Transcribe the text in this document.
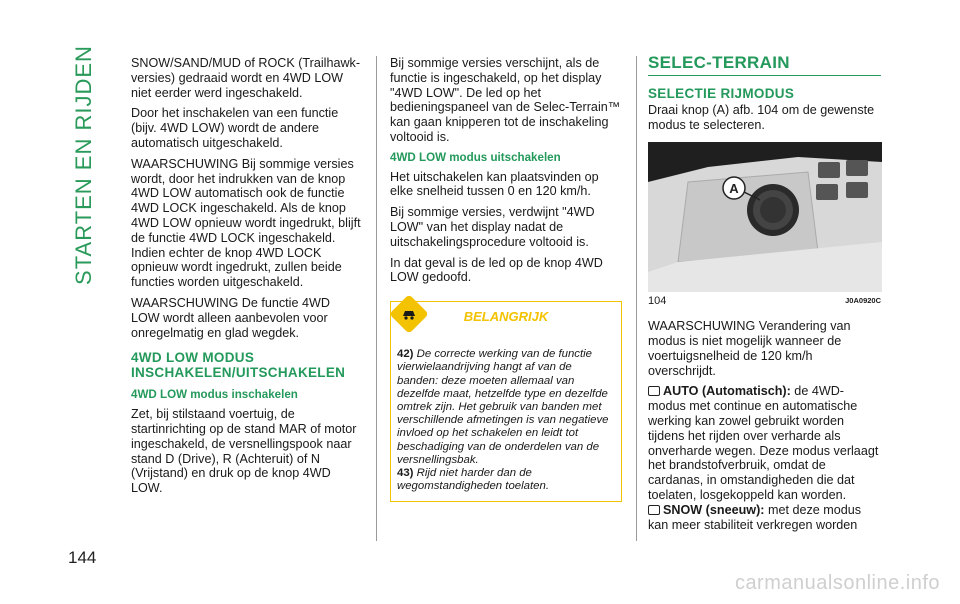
STARTEN EN RIJDEN
144

SNOW/SAND/MUD of ROCK (Trailhawk-versies) gedraaid wordt en 4WD LOW niet eerder werd ingeschakeld.

Door het inschakelen van een functie (bijv. 4WD LOW) wordt de andere automatisch uitgeschakeld.

WAARSCHUWING Bij sommige versies wordt, door het indrukken van de knop 4WD LOW automatisch ook de functie 4WD LOCK ingeschakeld. Als de knop 4WD LOW opnieuw wordt ingedrukt, blijft de functie 4WD LOCK ingeschakeld. Indien echter de knop 4WD LOCK opnieuw wordt ingedrukt, zullen beide functies worden uitgeschakeld.

WAARSCHUWING De functie 4WD LOW wordt alleen aanbevolen voor onregelmatig en glad wegdek.

4WD LOW MODUS INSCHAKELEN/UITSCHAKELEN
4WD LOW modus inschakelen

Zet, bij stilstaand voertuig, de startinrichting op de stand MAR of motor ingeschakeld, de versnellingspook naar stand D (Drive), R (Achteruit) of N (Vrijstand) en druk op de knop 4WD LOW.

Bij sommige versies verschijnt, als de functie is ingeschakeld, op het display "4WD LOW". De led op het bedieningspaneel van de Selec-Terrain™ kan gaan knipperen tot de inschakeling voltooid is.

4WD LOW modus uitschakelen

Het uitschakelen kan plaatsvinden op elke snelheid tussen 0 en 120 km/h.

Bij sommige versies, verdwijnt "4WD LOW" van het display nadat de uitschakelingsprocedure voltooid is.

In dat geval is de led op de knop 4WD LOW gedoofd.

BELANGRIJK
42) De correcte werking van de functie vierwielaandrijving hangt af van de banden: deze moeten allemaal van dezelfde maat, hetzelfde type en dezelfde omtrek zijn. Het gebruik van banden met verschillende afmetingen is van negatieve invloed op het schakelen en leidt tot beschadiging van de onderdelen van de versnellingsbak.
43) Rijd niet harder dan de wegomstandigheden toelaten.
SELEC-TERRAIN
SELECTIE RIJMODUS

Draai knop (A) afb. 104 om de gewenste modus te selecteren.

A
104	J0A0920C

WAARSCHUWING Verandering van modus is niet mogelijk wanneer de voertuigsnelheid de 120 km/h overschrijdt.

AUTO (Automatisch): de 4WD-modus met continue en automatische werking kan zowel gebruikt worden tijdens het rijden over verharde als onverharde wegen. Deze modus verlaagt het brandstofverbruik, omdat de cardanas, in omstandigheden die dat toelaten, losgekoppeld kan worden.

SNOW (sneeuw): met deze modus kan meer stabiliteit verkregen worden

carmanualsonline.info
